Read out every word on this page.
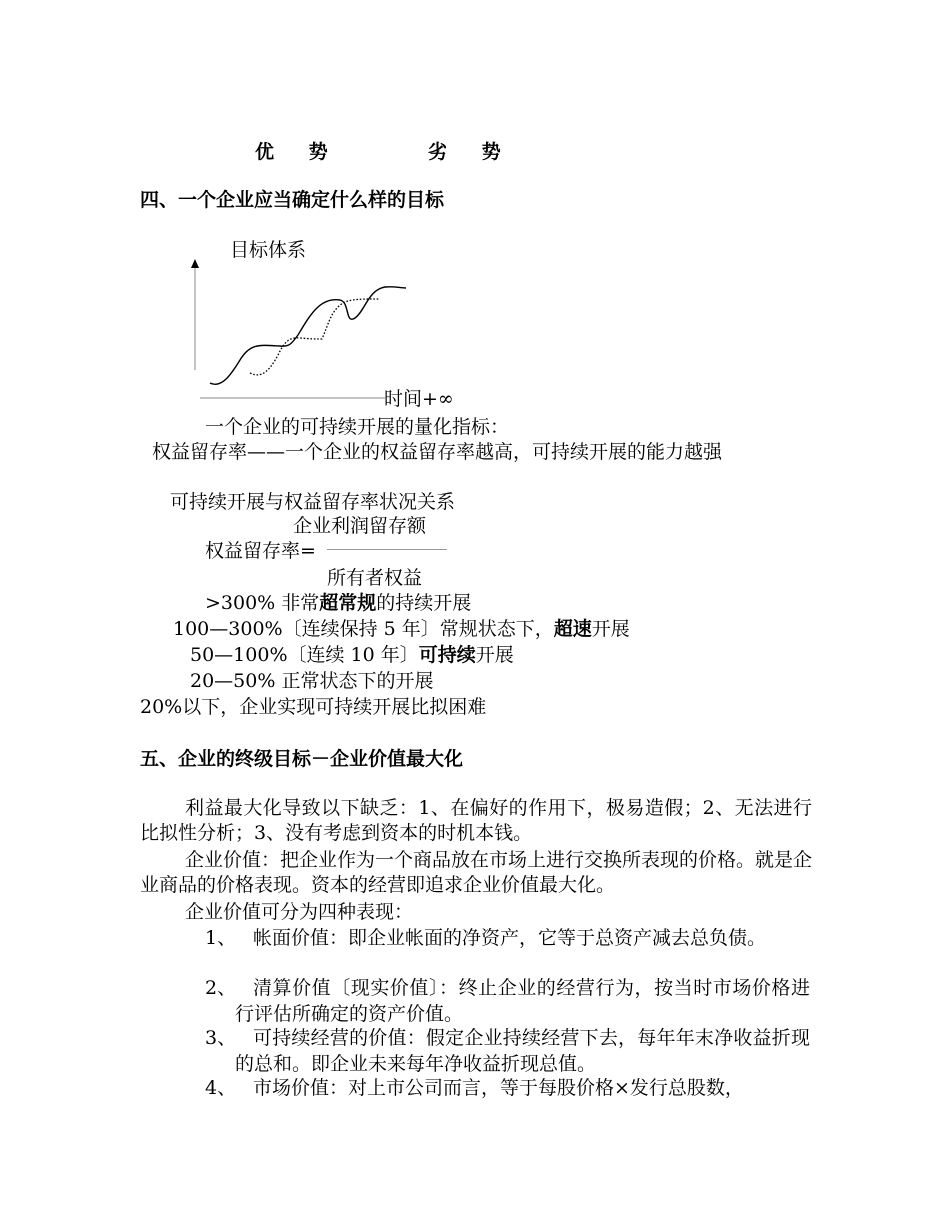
优　 势	劣　 势
四、一个企业应当确定什么样的目标
目标体系
时间+∞
一个企业的可持续开展的量化指标：
权益留存率——一个企业的权益留存率越高，可持续开展的能力越强
可持续开展与权益留存率状况关系
企业利润留存额
权益留存率=
所有者权益
>300% 非常超常规的持续开展
100—300%〔连续保持 5 年〕常规状态下，超速开展
50—100%〔连续 10 年〕可持续开展
20—50% 正常状态下的开展
20%以下，企业实现可持续开展比拟困难
五、企业的终级目标－企业价值最大化
利益最大化导致以下缺乏：1、在偏好的作用下，极易造假；2、无法进行比拟性分析；3、没有考虑到资本的时机本钱。
企业价值：把企业作为一个商品放在市场上进行交换所表现的价格。就是企业商品的价格表现。资本的经营即追求企业价值最大化。
企业价值可分为四种表现：
1、 帐面价值：即企业帐面的净资产，它等于总资产减去总负债。
2、 清算价值〔现实价值〕：终止企业的经营行为，按当时市场价格进行评估所确定的资产价值。
3、 可持续经营的价值：假定企业持续经营下去，每年年末净收益折现的总和。即企业未来每年净收益折现总值。
4、 市场价值：对上市公司而言，等于每股价格×发行总股数，
